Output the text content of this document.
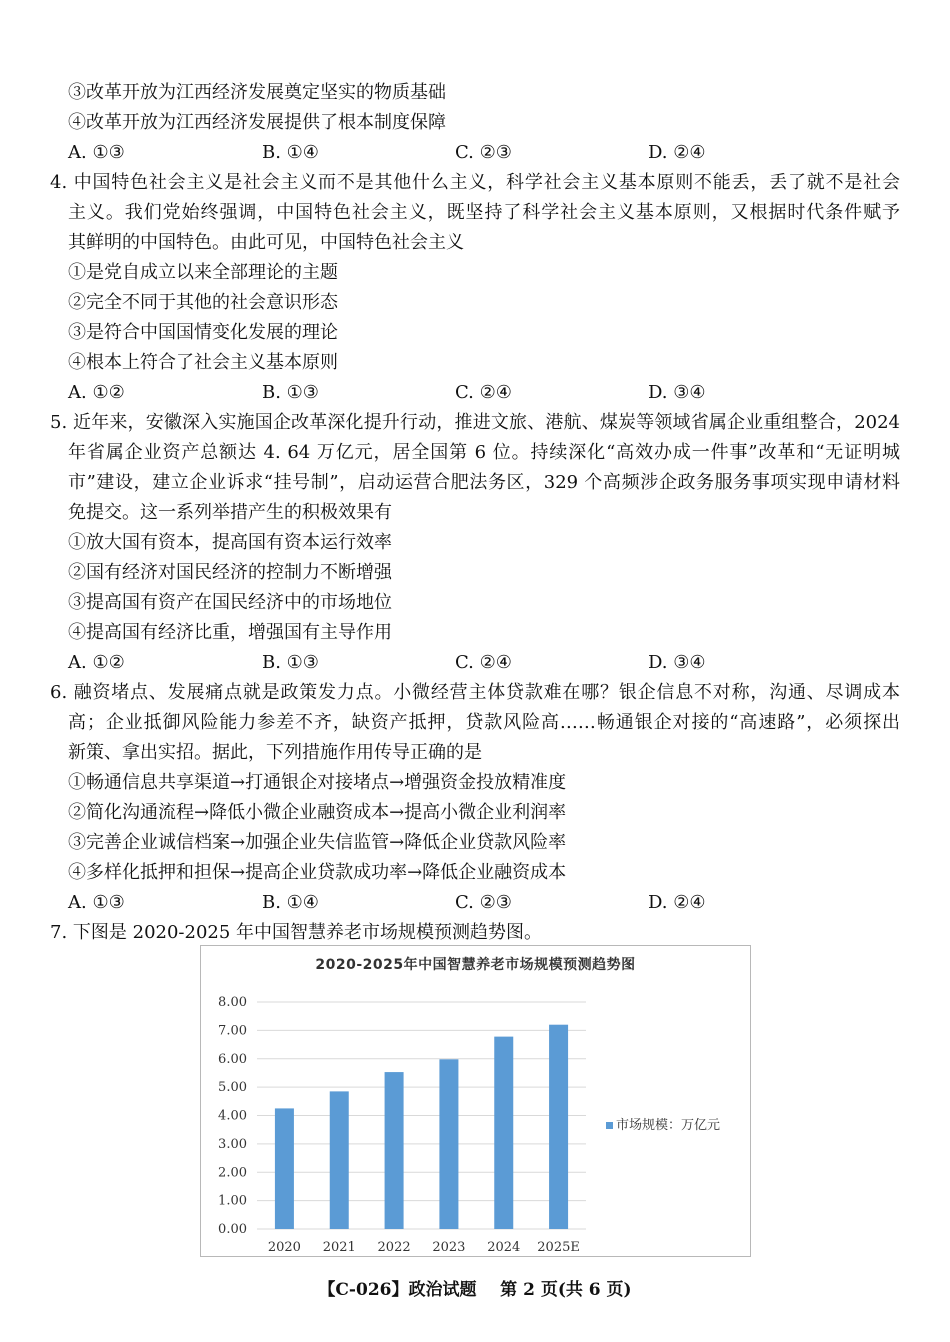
③改革开放为江西经济发展奠定坚实的物质基础
④改革开放为江西经济发展提供了根本制度保障
A. ①③	B. ①④	C. ②③	D. ②④
4. 中国特色社会主义是社会主义而不是其他什么主义，科学社会主义基本原则不能丢，丢了就不是社会
主义。我们党始终强调，中国特色社会主义，既坚持了科学社会主义基本原则，又根据时代条件赋予
其鲜明的中国特色。由此可见，中国特色社会主义
①是党自成立以来全部理论的主题
②完全不同于其他的社会意识形态
③是符合中国国情变化发展的理论
④根本上符合了社会主义基本原则
A. ①②	B. ①③	C. ②④	D. ③④
5. 近年来，安徽深入实施国企改革深化提升行动，推进文旅、港航、煤炭等领域省属企业重组整合，2024
年省属企业资产总额达 4. 64 万亿元，居全国第 6 位。持续深化“高效办成一件事”改革和“无证明城
市”建设，建立企业诉求“挂号制”，启动运营合肥法务区，329 个高频涉企政务服务事项实现申请材料
免提交。这一系列举措产生的积极效果有
①放大国有资本，提高国有资本运行效率
②国有经济对国民经济的控制力不断增强
③提高国有资产在国民经济中的市场地位
④提高国有经济比重，增强国有主导作用
A. ①②	B. ①③	C. ②④	D. ③④
6. 融资堵点、发展痛点就是政策发力点。小微经营主体贷款难在哪？银企信息不对称，沟通、尽调成本
高；企业抵御风险能力参差不齐，缺资产抵押，贷款风险高……畅通银企对接的“高速路”，必须探出
新策、拿出实招。据此，下列措施作用传导正确的是
①畅通信息共享渠道→打通银企对接堵点→增强资金投放精准度
②简化沟通流程→降低小微企业融资成本→提高小微企业利润率
③完善企业诚信档案→加强企业失信监管→降低企业贷款风险率
④多样化抵押和担保→提高企业贷款成功率→降低企业融资成本
A. ①③	B. ①④	C. ②③	D. ②④
7. 下图是 2020-2025 年中国智慧养老市场规模预测趋势图。
2020-2025年中国智慧养老市场规模预测趋势图
0.00
1.00
2.00
3.00
4.00
5.00
6.00
7.00
8.00
2020 2021 2022 2023 2024 2025E
市场规模：万亿元
【C-026】政治试题    第 2 页(共 6 页)
